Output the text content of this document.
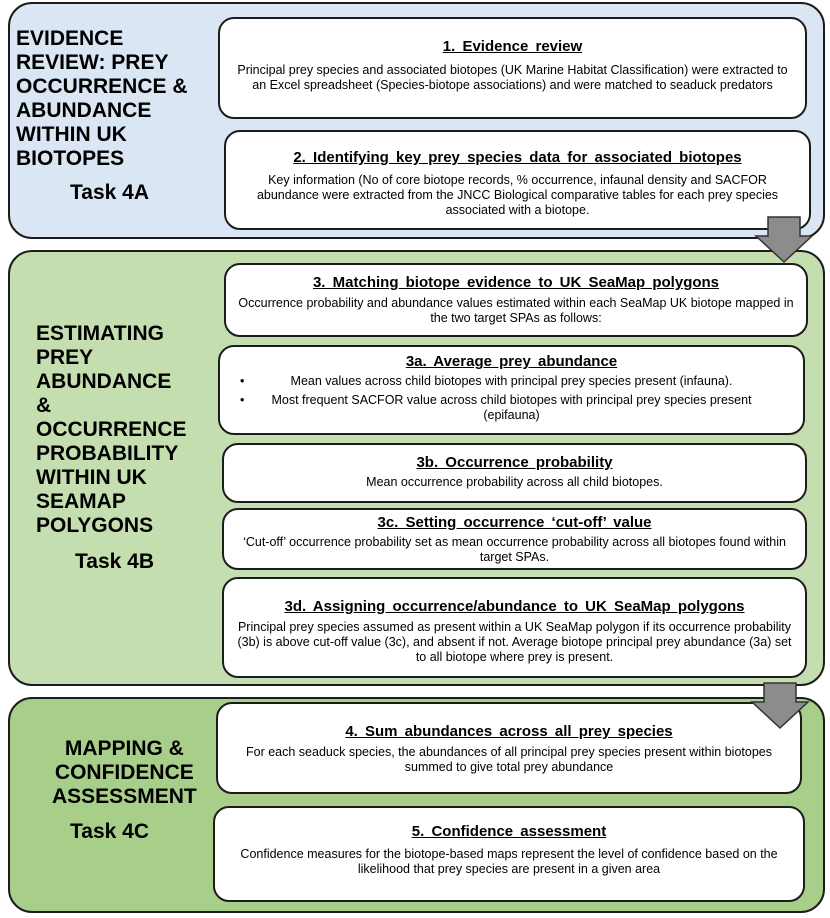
EVIDENCE
REVIEW: PREY
OCCURRENCE &
ABUNDANCE
WITHIN UK
BIOTOPES
Task 4A
1. Evidence review
Principal prey species and associated biotopes (UK Marine Habitat Classification) were extracted to an Excel spreadsheet (Species-biotope associations) and were matched to seaduck predators
2. Identifying key prey species data for associated biotopes
Key information (No of core biotope records, % occurrence, infaunal density and SACFOR abundance were extracted from the JNCC Biological comparative tables for each prey species associated with a biotope.
ESTIMATING
PREY
ABUNDANCE
&
OCCURRENCE
PROBABILITY
WITHIN UK
SEAMAP
POLYGONS
Task 4B
3. Matching biotope evidence to UK SeaMap polygons
Occurrence probability and abundance values estimated within each SeaMap UK biotope mapped in the two target SPAs as follows:
3a. Average prey abundance
• Mean values across child biotopes with principal prey species present (infauna).
• Most frequent SACFOR value across child biotopes with principal prey species present (epifauna)
3b. Occurrence probability
Mean occurrence probability across all child biotopes.
3c. Setting occurrence ‘cut-off’ value
‘Cut-off’ occurrence probability set as mean occurrence probability across all biotopes found within target SPAs.
3d. Assigning occurrence/abundance to UK SeaMap polygons
Principal prey species assumed as present within a UK SeaMap polygon if its occurrence probability (3b) is above cut-off value (3c), and absent if not. Average biotope principal prey abundance (3a) set to all biotope where prey is present.
MAPPING &
CONFIDENCE
ASSESSMENT
Task 4C
4. Sum abundances across all prey species
For each seaduck species, the abundances of all principal prey species present within biotopes summed to give total prey abundance
5. Confidence assessment
Confidence measures for the biotope-based maps represent the level of confidence based on the likelihood that prey species are present in a given area
